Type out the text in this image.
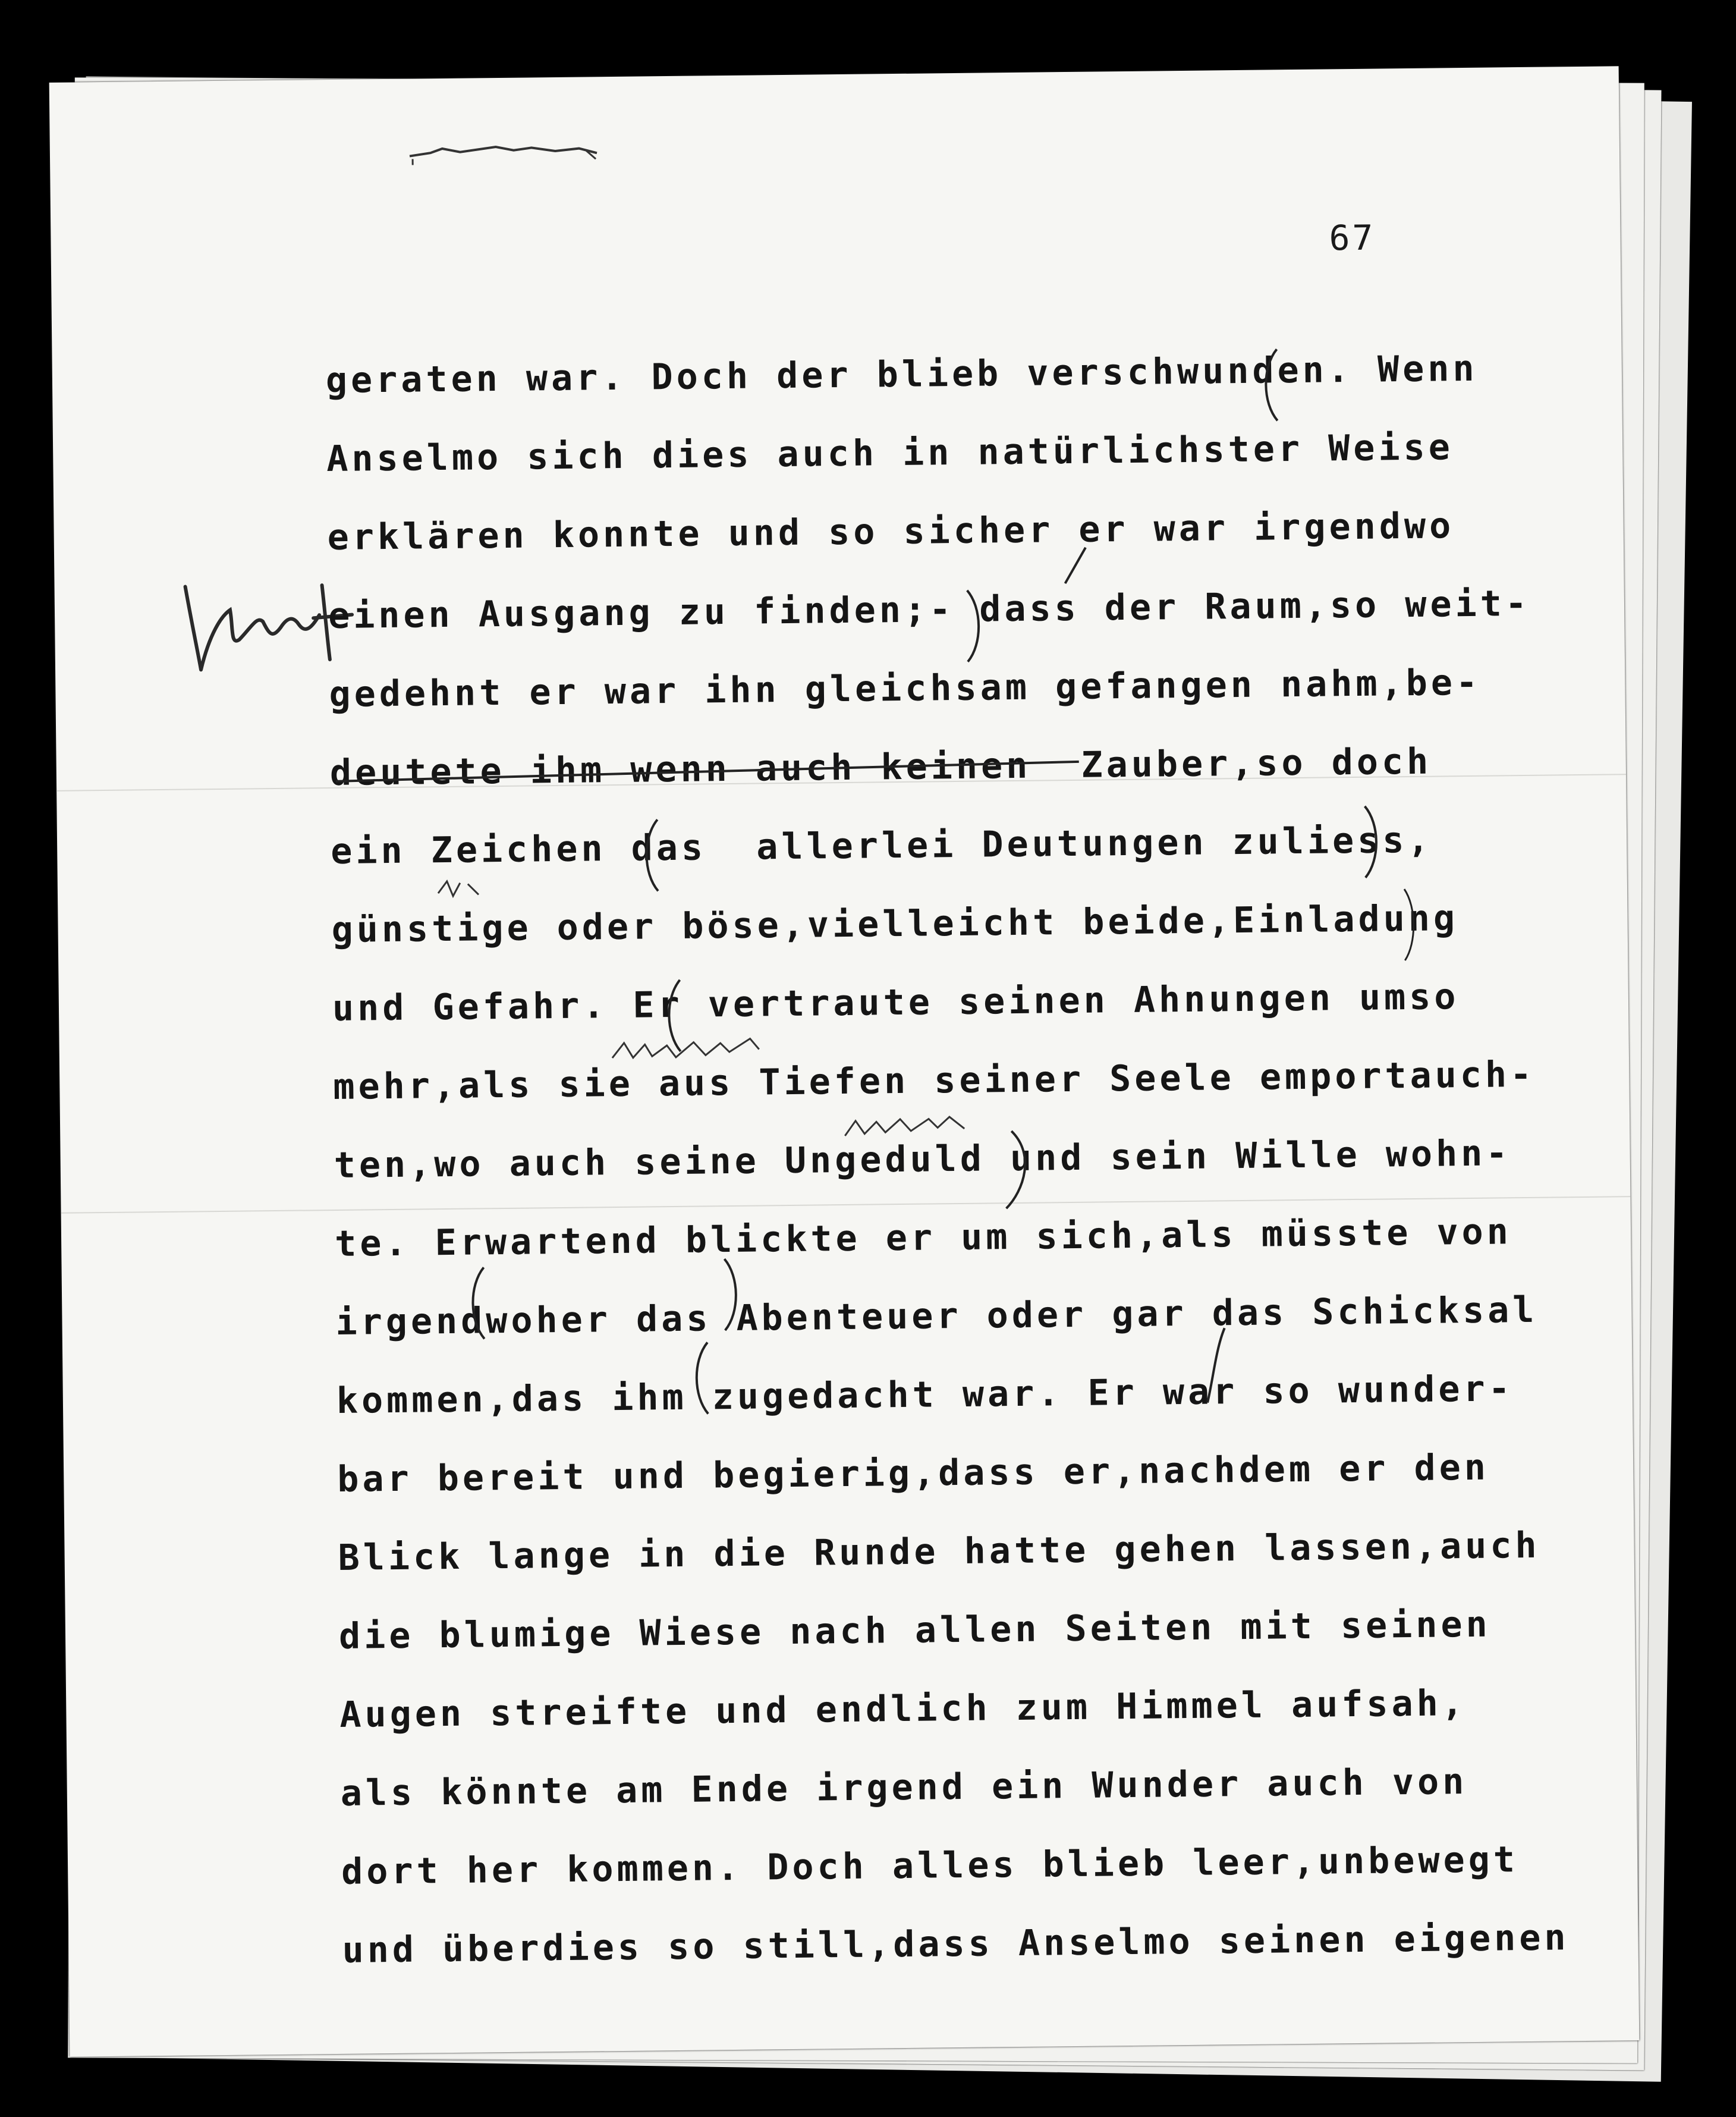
67
geraten war. Doch der blieb verschwunden. Wenn
Anselmo sich dies auch in natürlichster Weise
erklären konnte und so sicher er war irgendwo
einen Ausgang zu finden;- dass der Raum,so weit-
gedehnt er war ihn gleichsam gefangen nahm,be-
deutete ihm wenn auch keinen  Zauber,so doch
ein Zeichen das  allerlei Deutungen zuliess,
günstige oder böse,vielleicht beide,Einladung
und Gefahr. Er vertraute seinen Ahnungen umso
mehr,als sie aus Tiefen seiner Seele emportauch-
ten,wo auch seine Ungeduld und sein Wille wohn-
te. Erwartend blickte er um sich,als müsste von
irgendwoher das Abenteuer oder gar das Schicksal
kommen,das ihm zugedacht war. Er war so wunder-
bar bereit und begierig,dass er,nachdem er den
Blick lange in die Runde hatte gehen lassen,auch
die blumige Wiese nach allen Seiten mit seinen
Augen streifte und endlich zum Himmel aufsah,
als könnte am Ende irgend ein Wunder auch von
dort her kommen. Doch alles blieb leer,unbewegt
und überdies so still,dass Anselmo seinen eigenen
